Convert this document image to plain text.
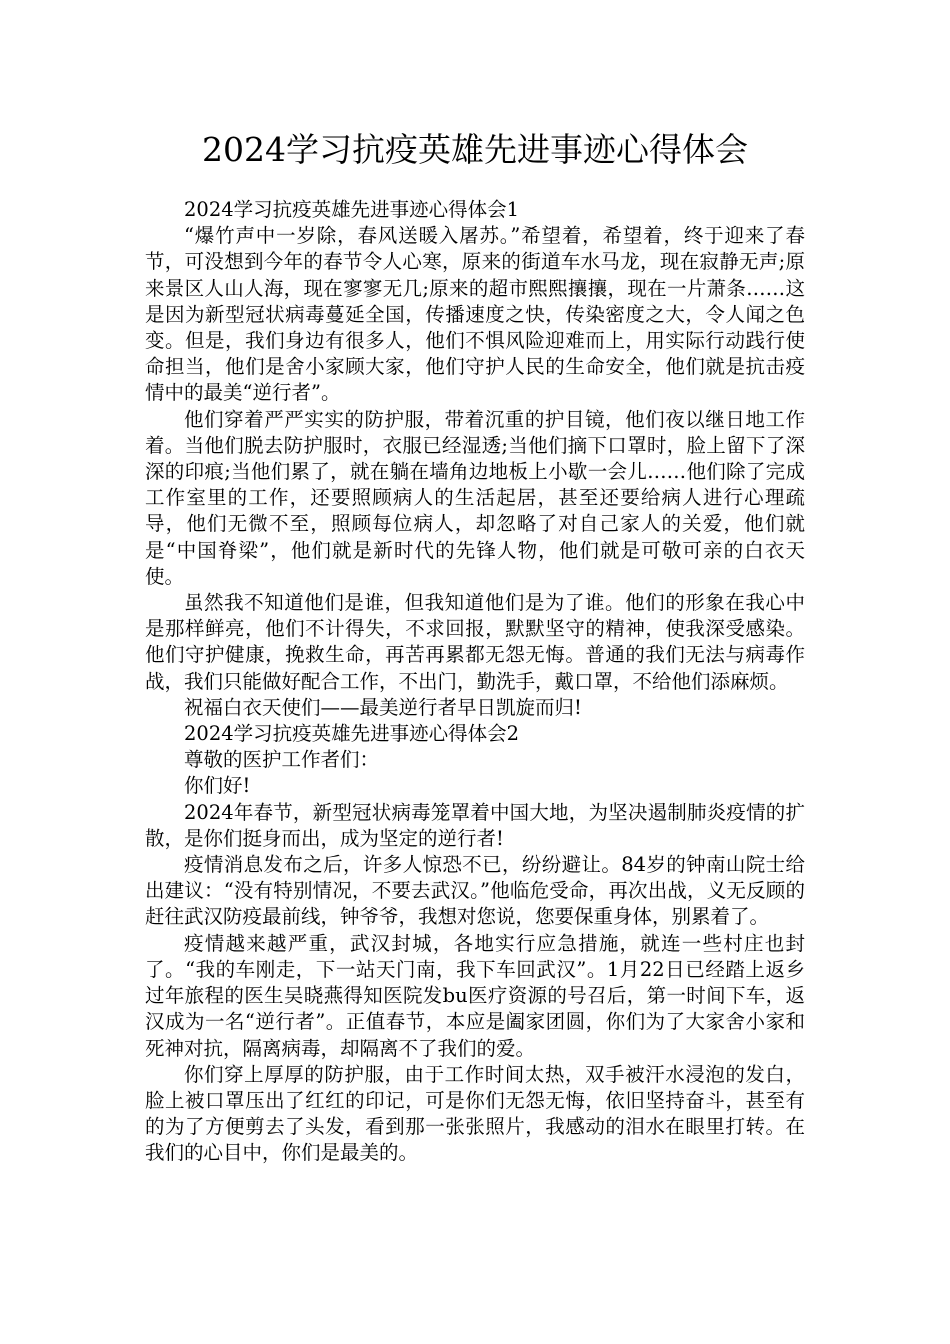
2024学习抗疫英雄先进事迹心得体会

2024学习抗疫英雄先进事迹心得体会1

“爆竹声中一岁除，春风送暖入屠苏。”希望着，希望着，终于迎来了春节，可没想到今年的春节令人心寒，原来的街道车水马龙，现在寂静无声;原来景区人山人海，现在寥寥无几;原来的超市熙熙攘攘，现在一片萧条……这是因为新型冠状病毒蔓延全国，传播速度之快，传染密度之大，令人闻之色变。但是，我们身边有很多人，他们不惧风险迎难而上，用实际行动践行使命担当，他们是舍小家顾大家，他们守护人民的生命安全，他们就是抗击疫情中的最美“逆行者”。

他们穿着严严实实的防护服，带着沉重的护目镜，他们夜以继日地工作着。当他们脱去防护服时，衣服已经湿透;当他们摘下口罩时，脸上留下了深深的印痕;当他们累了，就在躺在墙角边地板上小歇一会儿……他们除了完成工作室里的工作，还要照顾病人的生活起居，甚至还要给病人进行心理疏导，他们无微不至，照顾每位病人，却忽略了对自己家人的关爱，他们就是“中国脊梁”，他们就是新时代的先锋人物，他们就是可敬可亲的白衣天使。

虽然我不知道他们是谁，但我知道他们是为了谁。他们的形象在我心中是那样鲜亮，他们不计得失，不求回报，默默坚守的精神，使我深受感染。他们守护健康，挽救生命，再苦再累都无怨无悔。普通的我们无法与病毒作战，我们只能做好配合工作，不出门，勤洗手，戴口罩，不给他们添麻烦。

祝福白衣天使们——最美逆行者早日凯旋而归!

2024学习抗疫英雄先进事迹心得体会2

尊敬的医护工作者们：

你们好!

2024年春节，新型冠状病毒笼罩着中国大地，为坚决遏制肺炎疫情的扩散，是你们挺身而出，成为坚定的逆行者!

疫情消息发布之后，许多人惊恐不已，纷纷避让。84岁的钟南山院士给出建议：“没有特别情况，不要去武汉。”他临危受命，再次出战，义无反顾的赶往武汉防疫最前线，钟爷爷，我想对您说，您要保重身体，别累着了。

疫情越来越严重，武汉封城，各地实行应急措施，就连一些村庄也封了。“我的车刚走，下一站天门南，我下车回武汉”。1月22日已经踏上返乡过年旅程的医生吴晓燕得知医院发bu医疗资源的号召后，第一时间下车，返汉成为一名“逆行者”。正值春节，本应是阖家团圆，你们为了大家舍小家和死神对抗，隔离病毒，却隔离不了我们的爱。

你们穿上厚厚的防护服，由于工作时间太热，双手被汗水浸泡的发白，脸上被口罩压出了红红的印记，可是你们无怨无悔，依旧坚持奋斗，甚至有的为了方便剪去了头发，看到那一张张照片，我感动的泪水在眼里打转。在我们的心目中，你们是最美的。
